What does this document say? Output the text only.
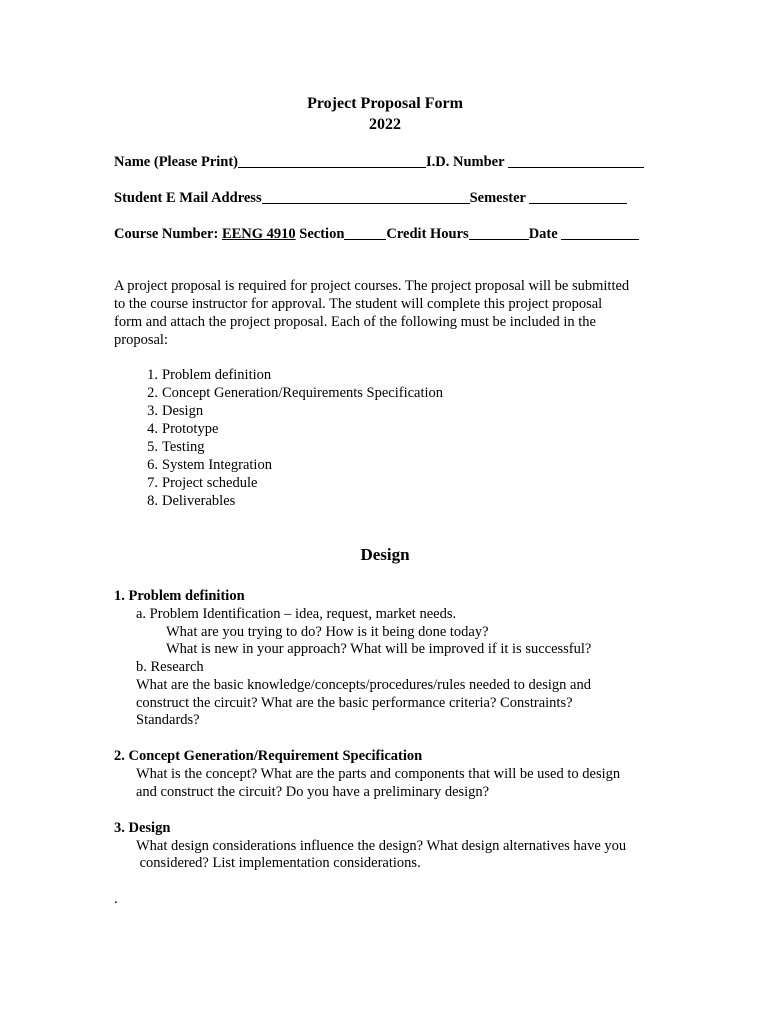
Project Proposal Form
2022
Name (Please Print)	I.D. Number
Student E Mail Address	Semester
Course Number: EENG 4910 Section	Credit Hours	Date
A project proposal is required for project courses. The project proposal will be submitted
to the course instructor for approval. The student will complete this project proposal
form and attach the project proposal. Each of the following must be included in the
proposal:
1. Problem definition
2. Concept Generation/Requirements Specification
3. Design
4. Prototype
5. Testing
6. System Integration
7. Project schedule
8. Deliverables
Design
1. Problem definition
a. Problem Identification – idea, request, market needs.
What are you trying to do? How is it being done today?
What is new in your approach? What will be improved if it is successful?
b. Research
What are the basic knowledge/concepts/procedures/rules needed to design and
construct the circuit? What are the basic performance criteria? Constraints?
Standards?
2. Concept Generation/Requirement Specification
What is the concept? What are the parts and components that will be used to design
and construct the circuit? Do you have a preliminary design?
3. Design
What design considerations influence the design? What design alternatives have you
considered? List implementation considerations.
.
